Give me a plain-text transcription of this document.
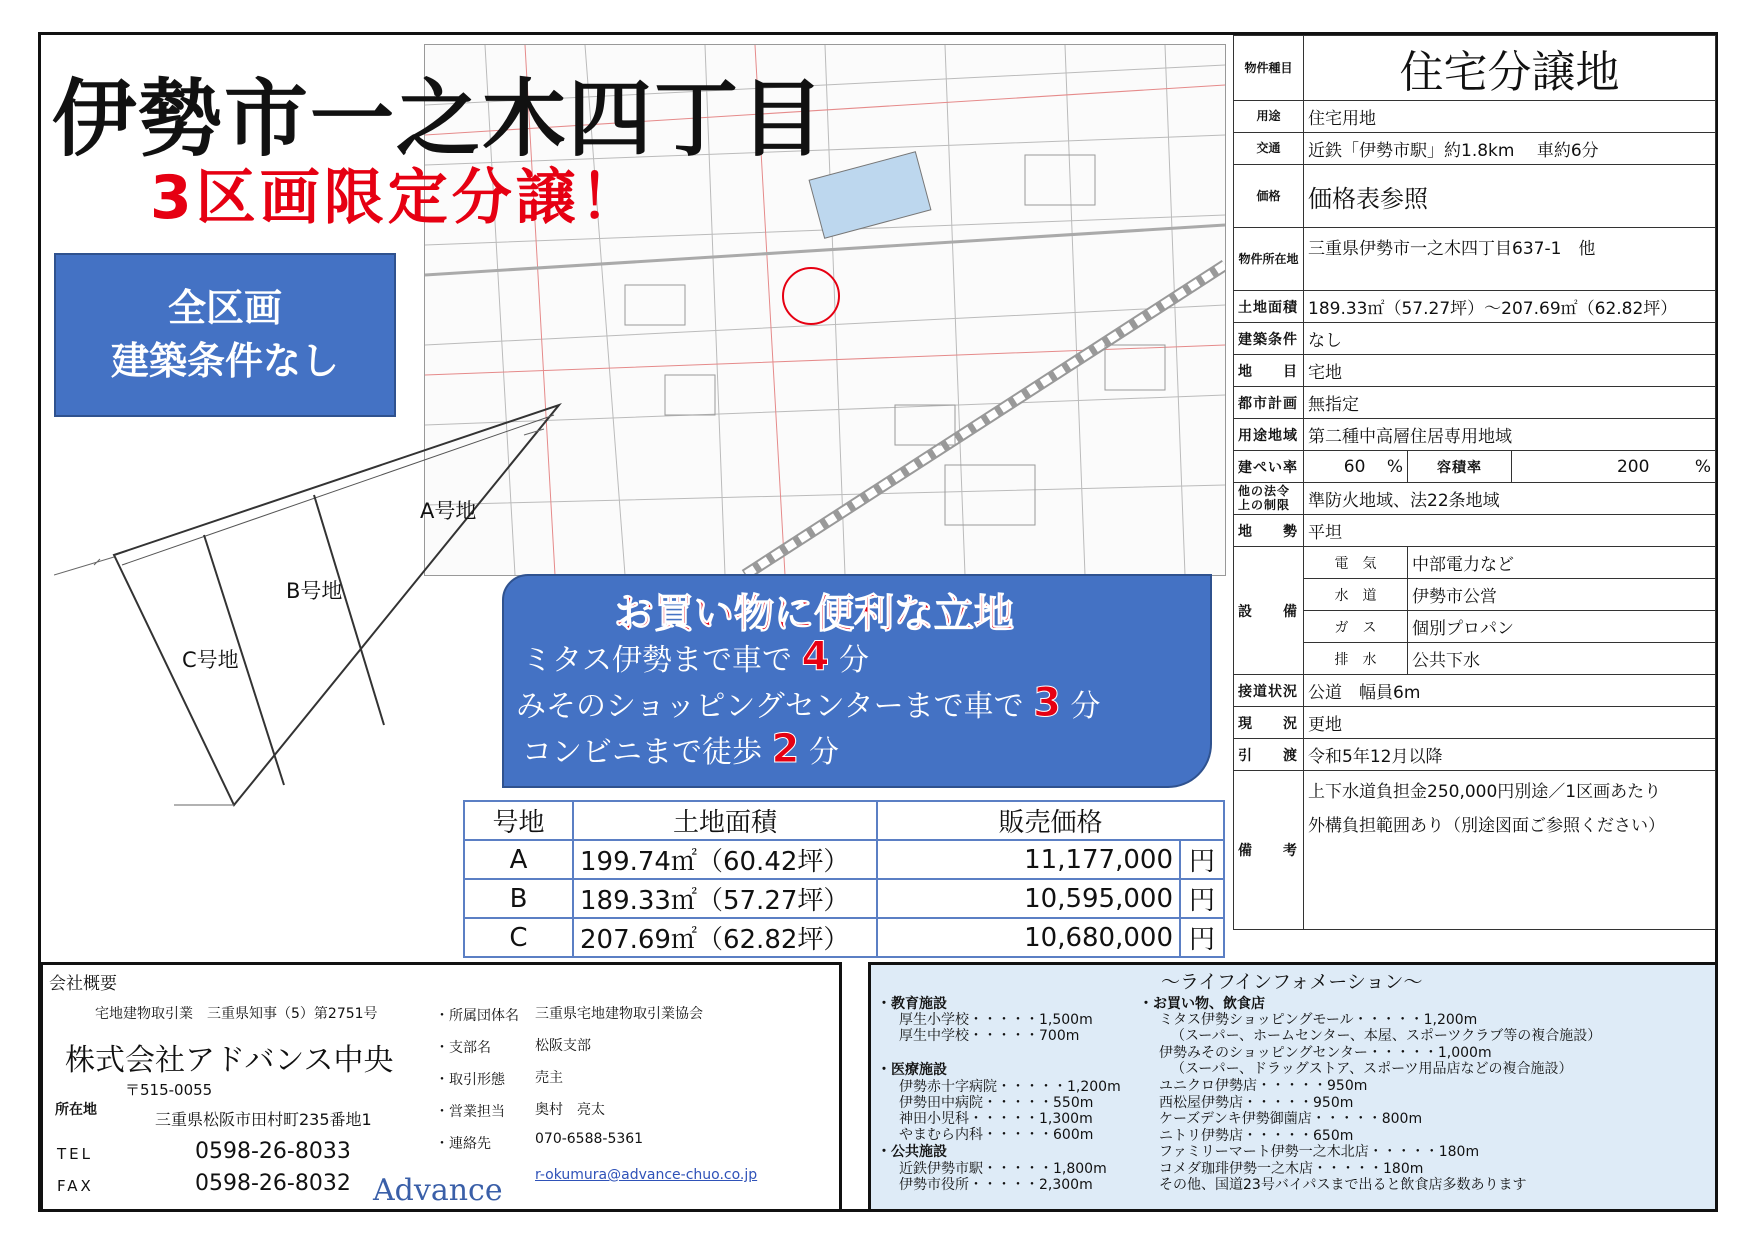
伊勢市一之木四丁目
3区画限定分譲！
全区画
建築条件なし
A号地
B号地
C号地
お買い物に便利な立地
ミタス伊勢まで車で 4 分
みそのショッピングセンターまで車で 3 分
コンビニまで徒歩 2 分
号地	土地面積	販売価格	
A	199.74㎡（60.42坪）	11,177,000	円
B	189.33㎡（57.27坪）	10,595,000	円
C	207.69㎡（62.82坪）	10,680,000	円
物件種目	住宅分譲地		
用途	住宅用地		
交通	近鉄「伊勢市駅」約1.8km　 車約6分		
価格	価格表参照		
物件所在地	三重県伊勢市一之木四丁目637-1　他		
土地面積	189.33㎡（57.27坪）～207.69㎡（62.82坪）		
建築条件	なし		
地　　目	宅地		
都市計画	無指定		
用途地域	第二種中高層住居専用地域		
建ぺい率	60 %	容積率	200 %
他の法令上の制限	準防火地域、法22条地域		
地　　勢	平坦		
設　　備	電　気	中部電力など	
	水　道	伊勢市公営	
	ガ　ス	個別プロパン	
	排　水	公共下水	
接道状況	公道　幅員6m		
現　　況	更地		
引　　渡	令和5年12月以降		
備　　考	上下水道負担金250,000円別途／1区画あたり
外構負担範囲あり（別途図面ご参照ください）		
会社概要
宅地建物取引業　三重県知事（5）第2751号
株式会社アドバンス中央
〒515-0055
所在地	三重県松阪市田村町235番地1
TEL	0598-26-8033
FAX	0598-26-8032 Advance
・所属団体名 三重県宅地建物取引業協会
・支部名	松阪支部
・取引形態 売主
・営業担当 奥村　亮太
・連絡先	070-6588-5361
r-okumura@advance-chuo.co.jp
～ライフインフォメーション～
・教育施設
厚生小学校・・・・・1,500m
厚生中学校・・・・・700m
・医療施設
伊勢赤十字病院・・・・・1,200m
伊勢田中病院・・・・・550m
神田小児科・・・・・1,300m
やまむら内科・・・・・600m
・公共施設
近鉄伊勢市駅・・・・・1,800m
伊勢市役所・・・・・2,300m
・お買い物、飲食店
ミタス伊勢ショッピングモール・・・・・1,200m
（スーパー、ホームセンター、本屋、スポーツクラブ等の複合施設）
伊勢みそのショッピングセンター・・・・・1,000m
（スーパー、ドラッグストア、スポーツ用品店などの複合施設）
ユニクロ伊勢店・・・・・950m
西松屋伊勢店・・・・・950m
ケーズデンキ伊勢御薗店・・・・・800m
ニトリ伊勢店・・・・・650m
ファミリーマート伊勢一之木北店・・・・・180m
コメダ珈琲伊勢一之木店・・・・・180m
その他、国道23号バイパスまで出ると飲食店多数あります
